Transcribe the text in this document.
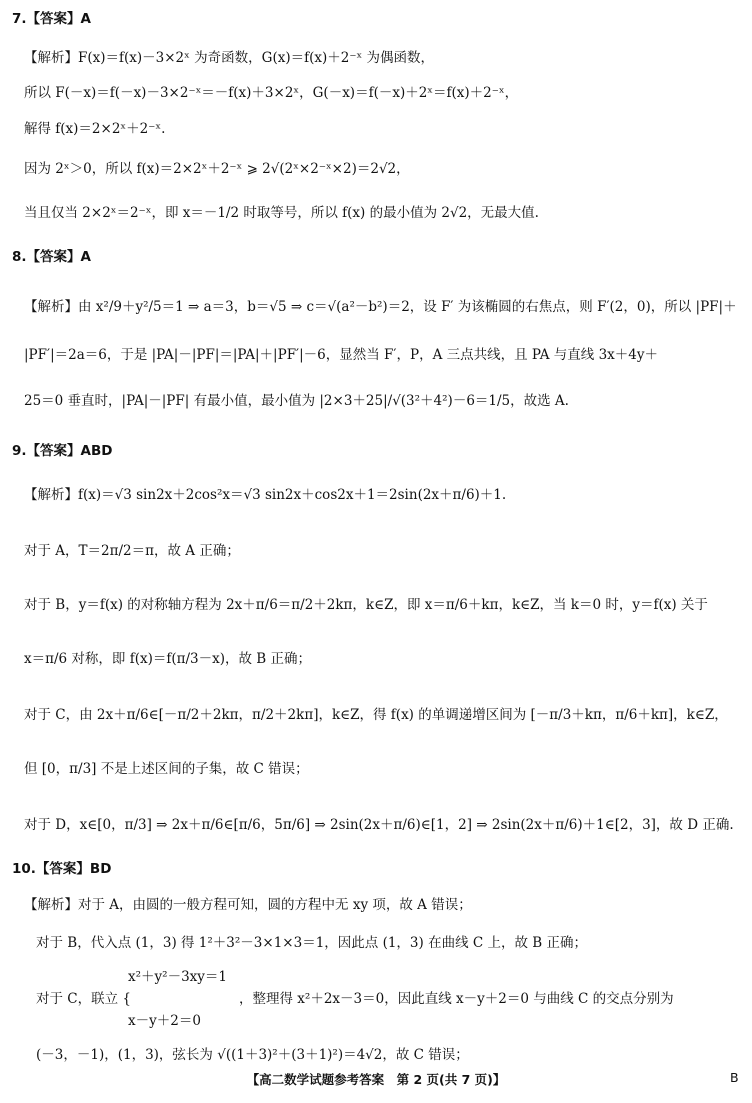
7.【答案】A
【解析】F(x)＝f(x)－3×2ˣ 为奇函数，G(x)＝f(x)＋2⁻ˣ 为偶函数，
所以 F(－x)＝f(－x)－3×2⁻ˣ＝－f(x)＋3×2ˣ，G(－x)＝f(－x)＋2ˣ＝f(x)＋2⁻ˣ，
解得 f(x)＝2×2ˣ＋2⁻ˣ.
因为 2ˣ＞0，所以 f(x)＝2×2ˣ＋2⁻ˣ ⩾ 2√(2ˣ×2⁻ˣ×2)＝2√2，
当且仅当 2×2ˣ＝2⁻ˣ，即 x＝－1/2 时取等号，所以 f(x) 的最小值为 2√2，无最大值.
8.【答案】A
【解析】由 x²/9＋y²/5＝1 ⇒ a＝3，b＝√5 ⇒ c＝√(a²－b²)＝2，设 F′ 为该椭圆的右焦点，则 F′(2，0)，所以 |PF|＋
|PF′|＝2a＝6，于是 |PA|－|PF|＝|PA|＋|PF′|－6，显然当 F′，P，A 三点共线，且 PA 与直线 3x＋4y＋
25＝0 垂直时，|PA|－|PF| 有最小值，最小值为 |2×3＋25|/√(3²＋4²)－6＝1/5，故选 A.
9.【答案】ABD
【解析】f(x)＝√3 sin2x＋2cos²x＝√3 sin2x＋cos2x＋1＝2sin(2x＋π/6)＋1.
对于 A，T＝2π/2＝π，故 A 正确；
对于 B，y＝f(x) 的对称轴方程为 2x＋π/6＝π/2＋2kπ，k∈Z，即 x＝π/6＋kπ，k∈Z，当 k＝0 时，y＝f(x) 关于
x＝π/6 对称，即 f(x)＝f(π/3－x)，故 B 正确；
对于 C，由 2x＋π/6∈[－π/2＋2kπ，π/2＋2kπ]，k∈Z，得 f(x) 的单调递增区间为 [－π/3＋kπ，π/6＋kπ]，k∈Z，
但 [0，π/3] 不是上述区间的子集，故 C 错误；
对于 D，x∈[0，π/3] ⇒ 2x＋π/6∈[π/6，5π/6] ⇒ 2sin(2x＋π/6)∈[1，2] ⇒ 2sin(2x＋π/6)＋1∈[2，3]，故 D 正确.
10.【答案】BD
【解析】对于 A，由圆的一般方程可知，圆的方程中无 xy 项，故 A 错误；
对于 B，代入点 (1，3) 得 1²＋3²－3×1×3＝1，因此点 (1，3) 在曲线 C 上，故 B 正确；
x²＋y²－3xy＝1
对于 C，联立 {　　　　　　　　，整理得 x²＋2x－3＝0，因此直线 x－y＋2＝0 与曲线 C 的交点分别为
x－y＋2＝0
(－3，－1)，(1，3)，弦长为 √((1＋3)²＋(3＋1)²)＝4√2，故 C 错误；
【高二数学试题参考答案　第 2 页(共 7 页)】	B
